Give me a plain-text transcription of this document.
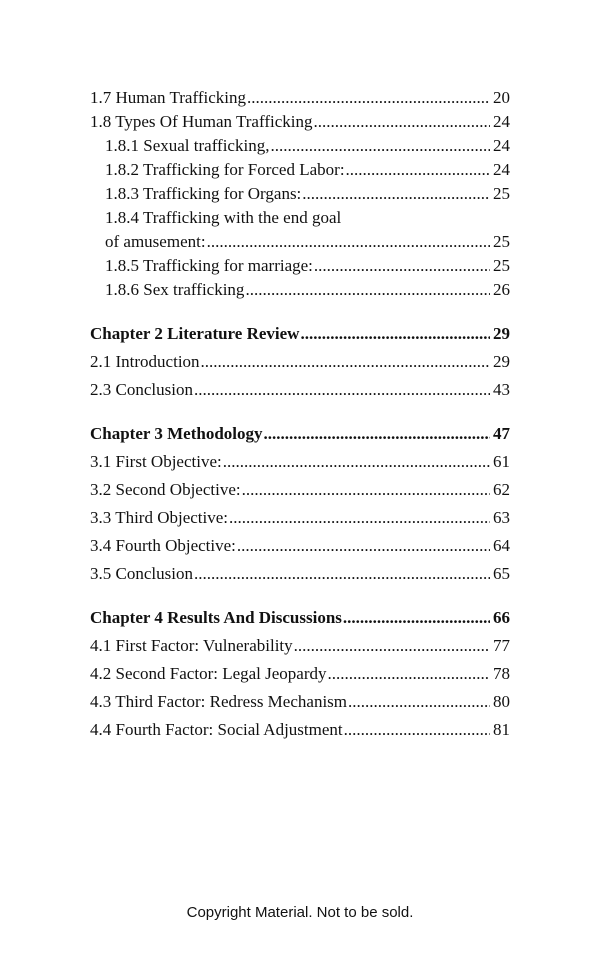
1.7 Human Trafficking .....	20
1.8 Types Of Human Trafficking .....	24
1.8.1 Sexual trafficking, .....	24
1.8.2 Trafficking for Forced Labor: .....	24
1.8.3 Trafficking for Organs: .....	25
1.8.4 Trafficking with the end goal
of amusement: .....	25
1.8.5 Trafficking for marriage: .....	25
1.8.6 Sex trafficking .....	26
Chapter 2 Literature Review .....	29
2.1 Introduction .....	29
2.3 Conclusion .....	43
Chapter 3 Methodology .....	47
3.1 First Objective: .....	61
3.2 Second Objective: .....	62
3.3 Third Objective: .....	63
3.4 Fourth Objective: .....	64
3.5 Conclusion .....	65
Chapter 4 Results And Discussions .....	66
4.1 First Factor: Vulnerability .....	77
4.2 Second Factor: Legal Jeopardy .....	78
4.3 Third Factor: Redress Mechanism .....	80
4.4 Fourth Factor: Social Adjustment .....	81
Copyright Material. Not to be sold.
